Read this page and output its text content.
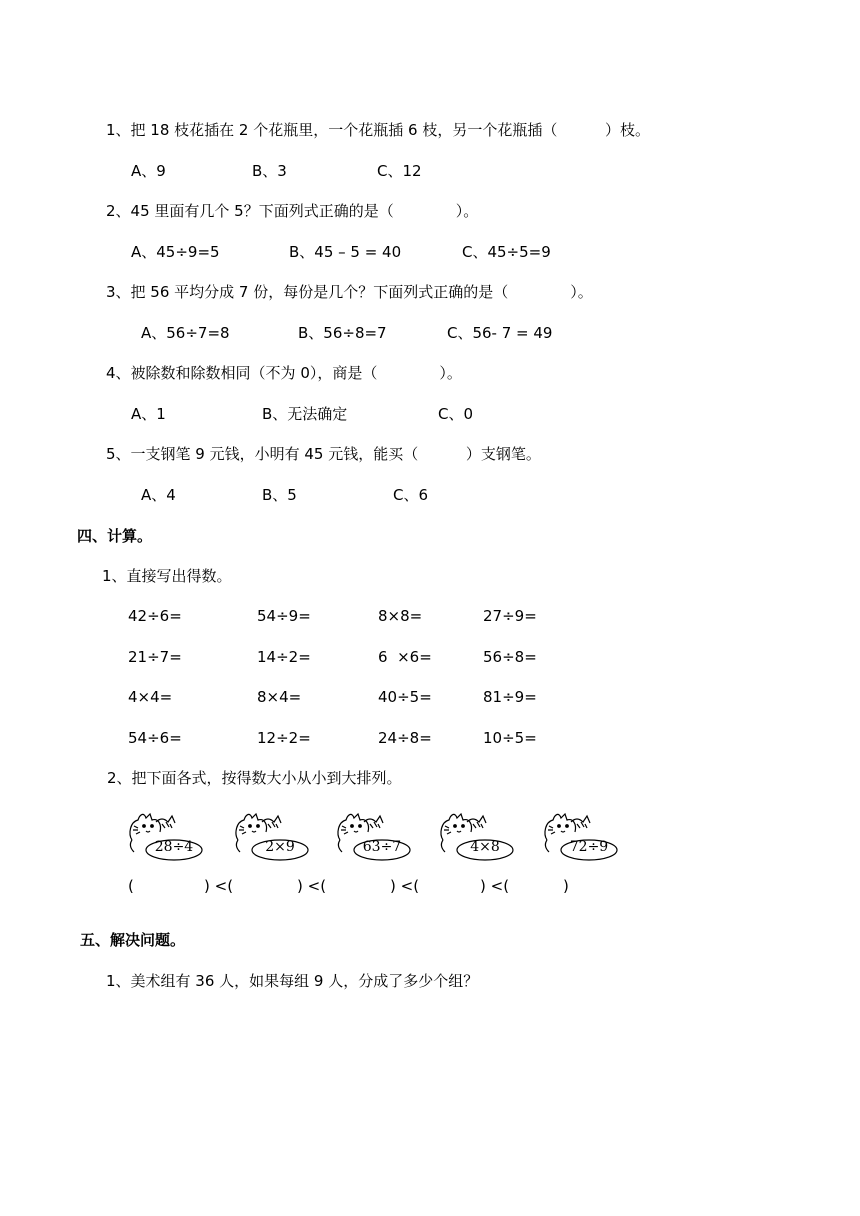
1、把 18 枝花插在 2 个花瓶里，一个花瓶插 6 枝，另一个花瓶插（          ）枝。
A、9	B、3	C、12
2、45 里面有几个 5？下面列式正确的是（             ）。
A、45÷9=5	B、45 – 5 = 40	C、45÷5=9
3、把 56 平均分成 7 份，每份是几个？下面列式正确的是（             ）。
A、56÷7=8	B、56÷8=7	C、56- 7 = 49
4、被除数和除数相同（不为 0），商是（             ）。
A、1	B、无法确定	C、0
5、一支钢笔 9 元钱，小明有 45 元钱，能买（          ）支钢笔。
A、4	B、5	C、6
四、计算。
1、直接写出得数。
42÷6=	54÷9=	8×8=	27÷9=
21÷7=	14÷2=	6  ×6=	56÷8=
4×4=	8×4=	40÷5=	81÷9=
54÷6=	12÷2=	24÷8=	10÷5=
2、把下面各式，按得数大小从小到大排列。
28÷4	2×9	63÷7	4×8	72÷9
(	) <(	) <(	) <(	) <(	)
五、解决问题。
1、美术组有 36 人，如果每组 9 人，分成了多少个组？
